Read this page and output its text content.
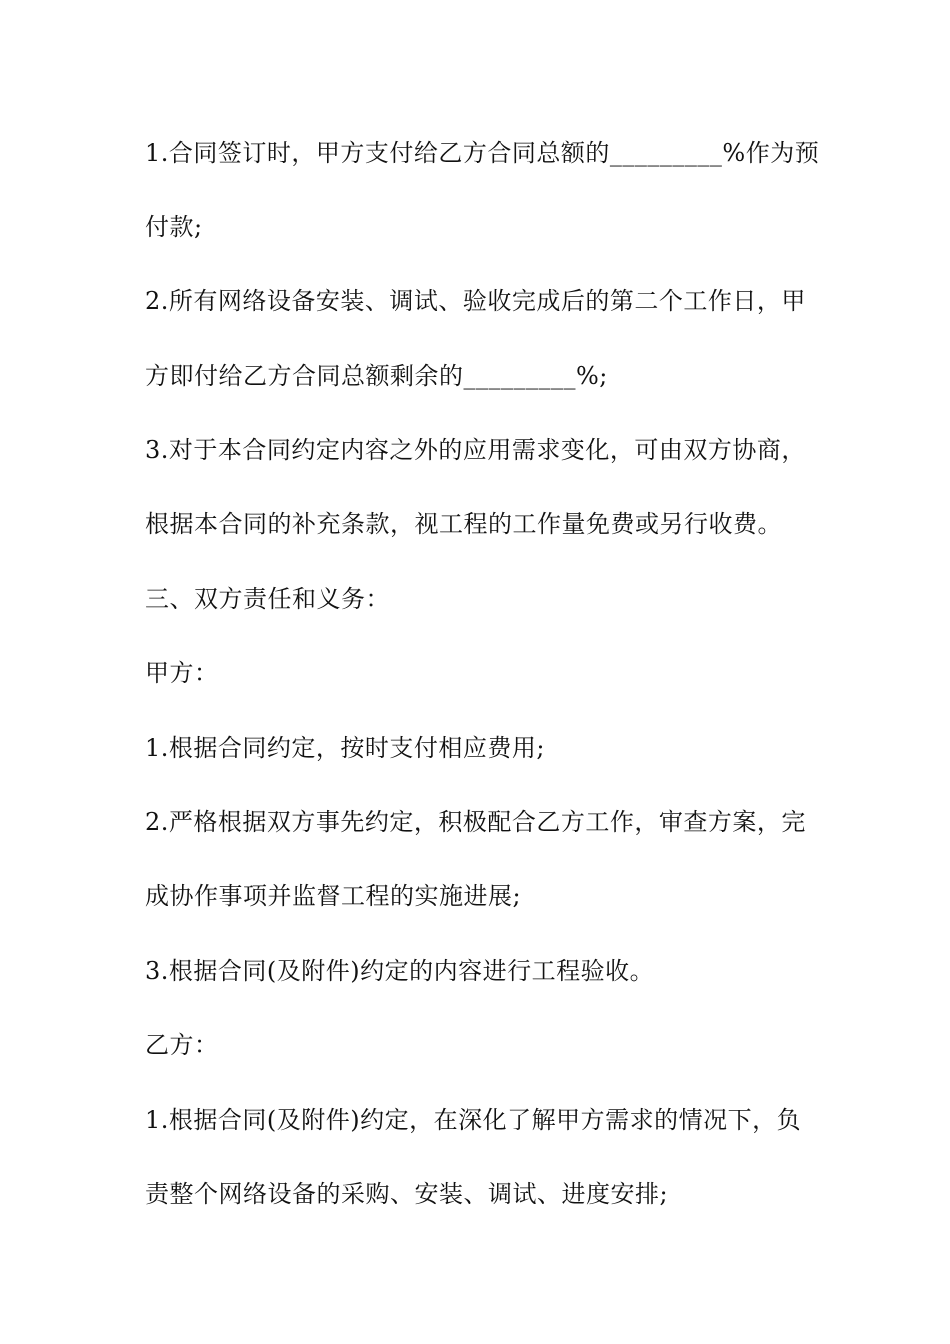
1.合同签订时，甲方支付给乙方合同总额的_________%作为预
付款;
2.所有网络设备安装、调试、验收完成后的第二个工作日，甲
方即付给乙方合同总额剩余的_________%;
3.对于本合同约定内容之外的应用需求变化，可由双方协商，
根据本合同的补充条款，视工程的工作量免费或另行收费。
三、双方责任和义务：
甲方：
1.根据合同约定，按时支付相应费用;
2.严格根据双方事先约定，积极配合乙方工作，审查方案，完
成协作事项并监督工程的实施进展;
3.根据合同(及附件)约定的内容进行工程验收。
乙方：
1.根据合同(及附件)约定，在深化了解甲方需求的情况下，负
责整个网络设备的采购、安装、调试、进度安排;
